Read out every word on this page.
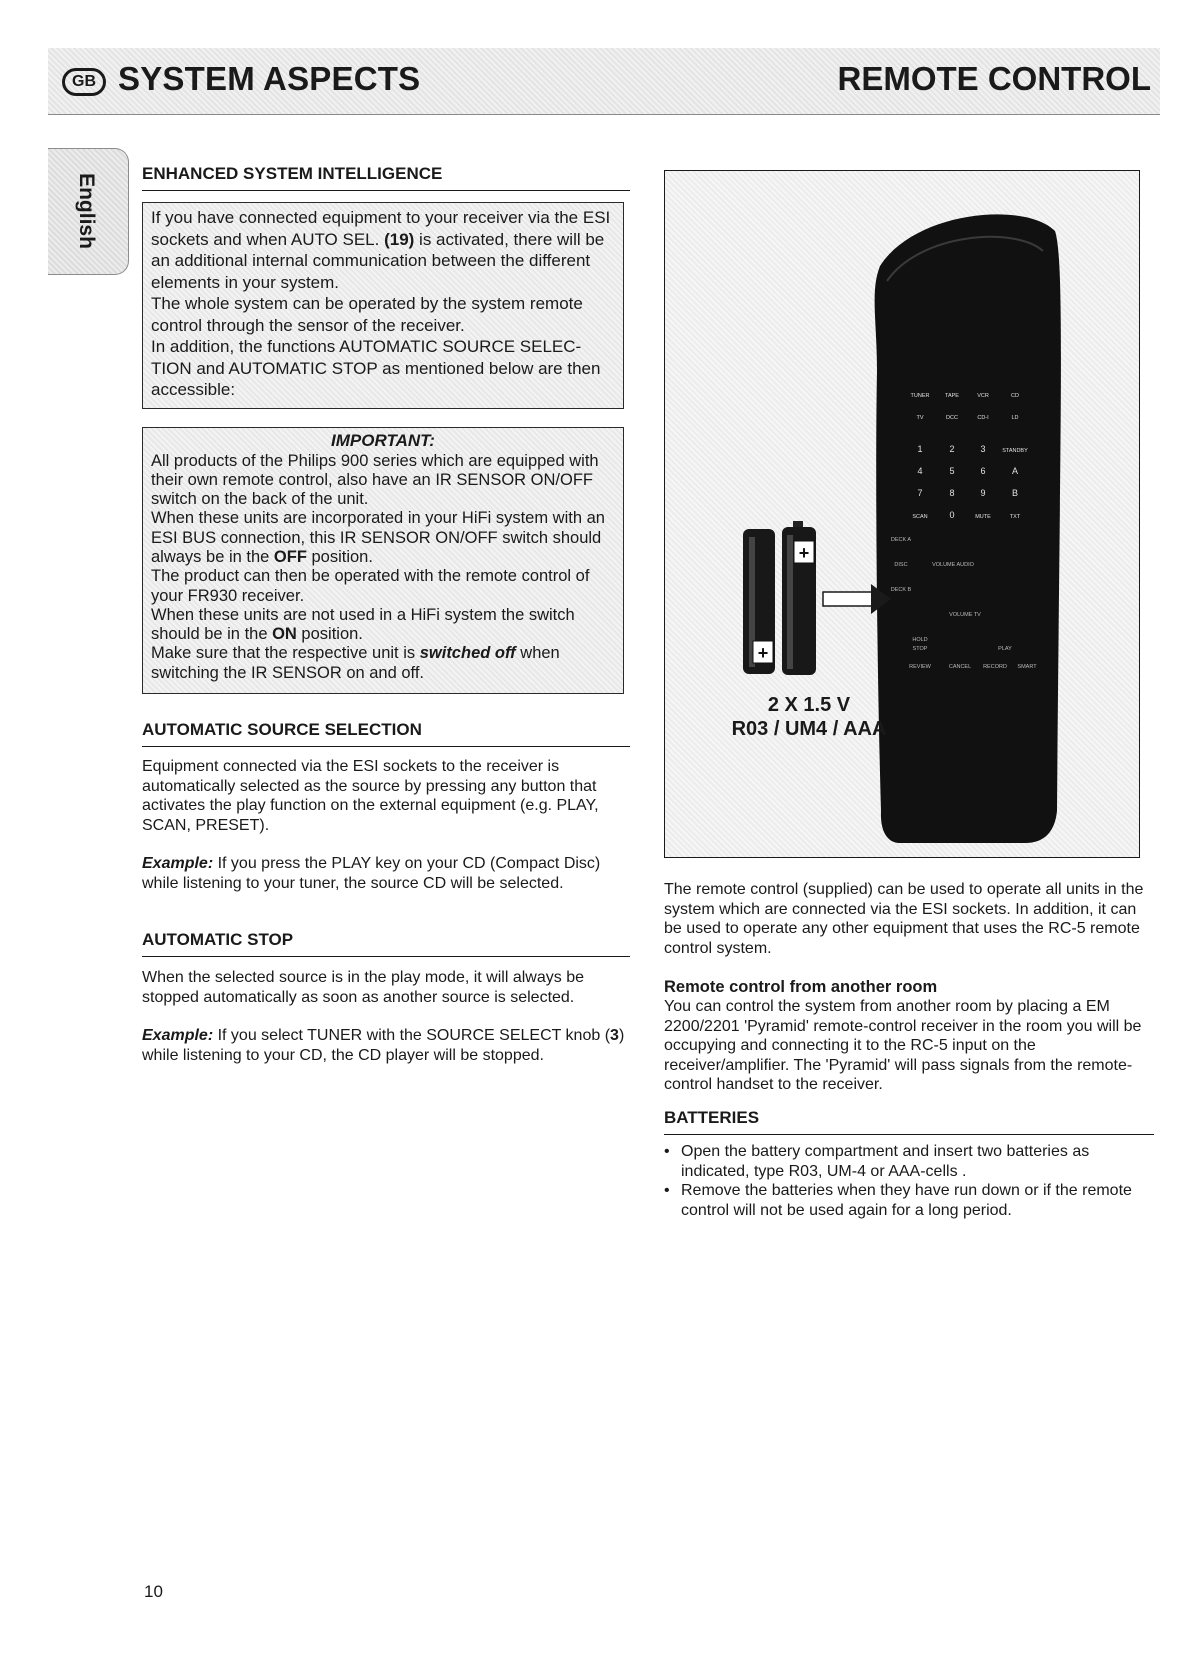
GB SYSTEM ASPECTS	REMOTE CONTROL
English	ENHANCED SYSTEM INTELLIGENCE

If you have connected equipment to your receiver via the ESI sockets and when AUTO SEL. (19) is activated, there will be an additional internal communication between the different elements in your system.

The whole system can be operated by the system remote control through the sensor of the receiver.

In addition, the functions AUTOMATIC SOURCE SELEC-TION and AUTOMATIC STOP as mentioned below are then accessible:

IMPORTANT:

All products of the Philips 900 series which are equipped with their own remote control, also have an IR SENSOR ON/OFF switch on the back of the unit.

When these units are incorporated in your HiFi system with an ESI BUS connection, this IR SENSOR ON/OFF switch should always be in the OFF position.

The product can then be operated with the remote control of your FR930 receiver.

When these units are not used in a HiFi system the switch should be in the ON position.

Make sure that the respective unit is switched off when switching the IR SENSOR on and off.

AUTOMATIC SOURCE SELECTION

Equipment connected via the ESI sockets to the receiver is automatically selected as the source by pressing any button that activates the play function on the external equipment (e.g. PLAY, SCAN, PRESET).

Example: If you press the PLAY key on your CD (Compact Disc) while listening to your tuner, the source CD will be selected.

AUTOMATIC STOP

When the selected source is in the play mode, it will always be stopped automatically as soon as another source is selected.

Example: If you select TUNER with the SOURCE SELECT knob (3) while listening to your CD, the CD player will be stopped.

TUNER	TAPE	VCR	CD
TV	DCC	CD-I	LD
1	2	3	STANDBY
4	5	6	A
7	8	9	B
SCAN 0	MUTE	TXT
DECK A
DISC	VOLUME AUDIO
DECK B
VOLUME TV
HOLD
STOP	PLAY
REVIEW	CANCEL RECORD SMART
+
+
2 X 1.5 V
R03 / UM4 / AAA
The remote control (supplied) can be used to operate all units in the system which are connected via the ESI sockets. In addition, it can be used to operate any other equipment that uses the RC-5 remote control system.
Remote control from another room
You can control the system from another room by placing a EM 2200/2201 'Pyramid' remote-control receiver in the room you will be occupying and connecting it to the RC-5 input on the receiver/amplifier. The 'Pyramid' will pass signals from the remote-control handset to the receiver.
BATTERIES
• Open the battery compartment and insert two batteries as indicated, type R03, UM-4 or AAA-cells .
• Remove the batteries when they have run down or if the remote control will not be used again for a long period.
10
